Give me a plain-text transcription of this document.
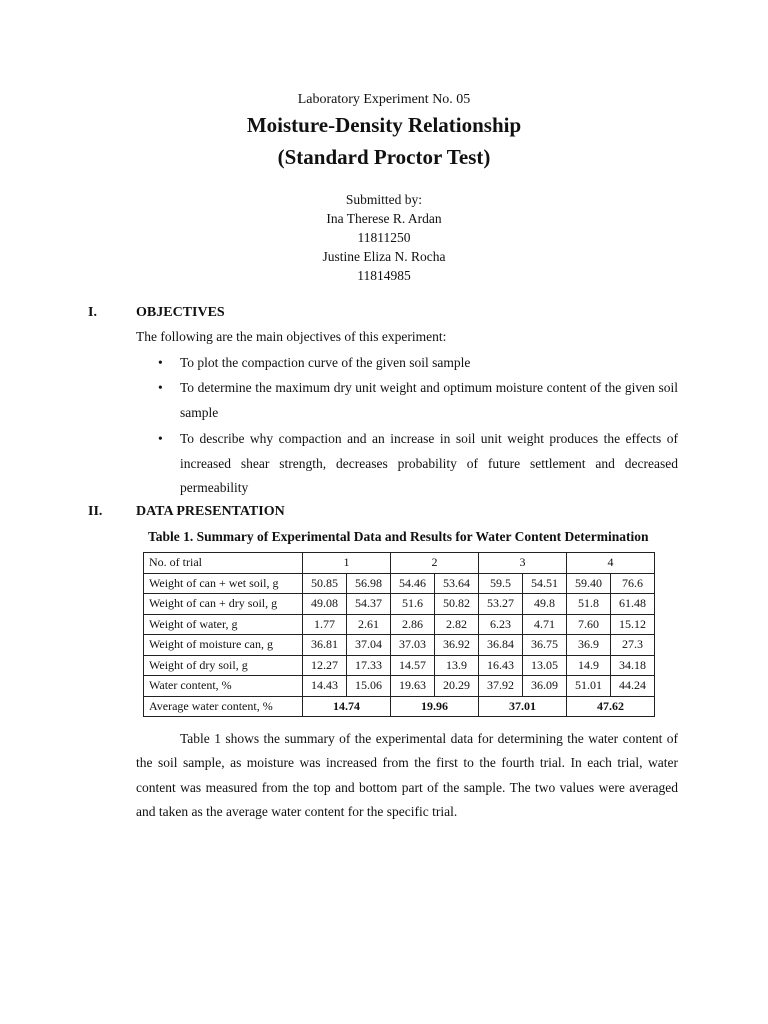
Laboratory Experiment No. 05
Moisture-Density Relationship
(Standard Proctor Test)
Submitted by:
Ina Therese R. Ardan
11811250
Justine Eliza N. Rocha
11814985
I.	OBJECTIVES
The following are the main objectives of this experiment:
• To plot the compaction curve of the given soil sample
• To determine the maximum dry unit weight and optimum moisture content of the given soil sample
• To describe why compaction and an increase in soil unit weight produces the effects of increased shear strength, decreases probability of future settlement and decreased permeability
II. DATA PRESENTATION
Table 1. Summary of Experimental Data and Results for Water Content Determination
No. of trial	1		2		3		4	
Weight of can + wet soil, g	50.85	56.98	54.46	53.64	59.5	54.51	59.40	76.6
Weight of can + dry soil, g	49.08	54.37	51.6	50.82	53.27	49.8	51.8	61.48
Weight of water, g	1.77	2.61	2.86	2.82	6.23	4.71	7.60	15.12
Weight of moisture can, g	36.81	37.04	37.03	36.92	36.84	36.75	36.9	27.3
Weight of dry soil, g	12.27	17.33	14.57	13.9	16.43	13.05	14.9	34.18
Water content, %	14.43	15.06	19.63	20.29	37.92	36.09	51.01	44.24
Average water content, %	14.74		19.96		37.01		47.62	

Table 1 shows the summary of the experimental data for determining the water content of the soil sample, as moisture was increased from the first to the fourth trial. In each trial, water content was measured from the top and bottom part of the sample. The two values were averaged and taken as the average water content for the specific trial.
